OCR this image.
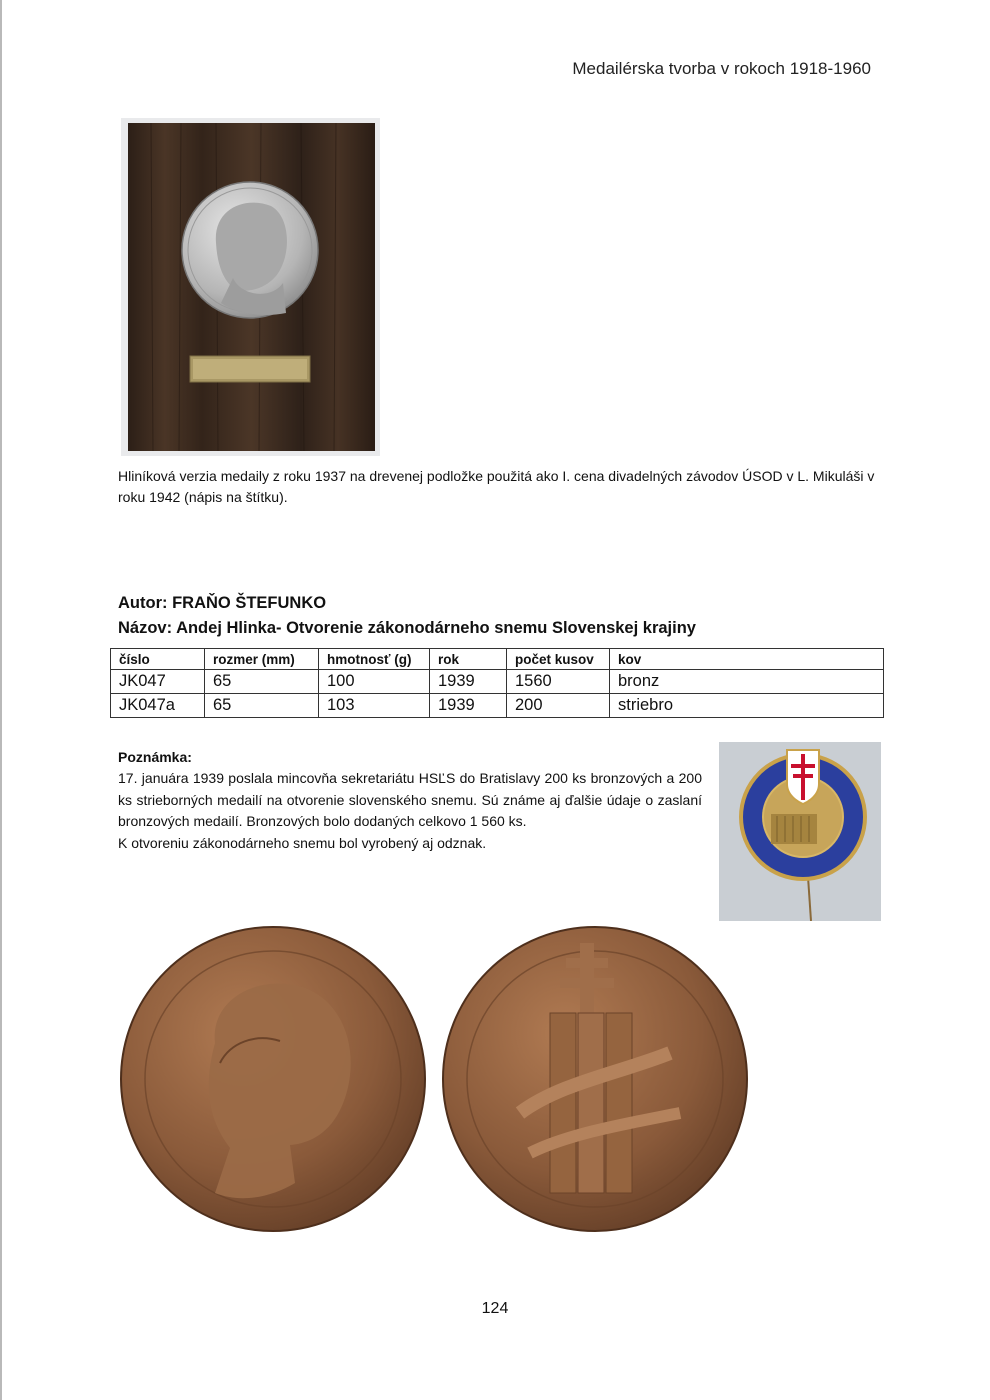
Medailérska tvorba v rokoch 1918-1960
Hliníková verzia medaily z roku 1937 na drevenej podložke použitá ako I. cena divadelných závodov ÚSOD v L. Mikuláši v roku 1942 (nápis na štítku).
Autor: FRAŇO ŠTEFUNKO
Názov: Andej Hlinka- Otvorenie zákonodárneho snemu Slovenskej krajiny
číslo	rozmer (mm)	hmotnosť (g)	rok	počet kusov	kov
JK047	65	100	1939	1560	bronz
JK047a	65	103	1939	200	striebro
Poznámka:

17. januára 1939 poslala mincovňa sekretariátu HSĽS do Bratislavy 200 ks bronzových a 200 ks strieborných medailí na otvorenie slovenského snemu. Sú známe aj ďalšie údaje o zaslaní bronzových medailí. Bronzových bolo dodaných celkovo 1 560 ks.

K otvoreniu zákonodárneho snemu bol vyrobený aj odznak.

124
